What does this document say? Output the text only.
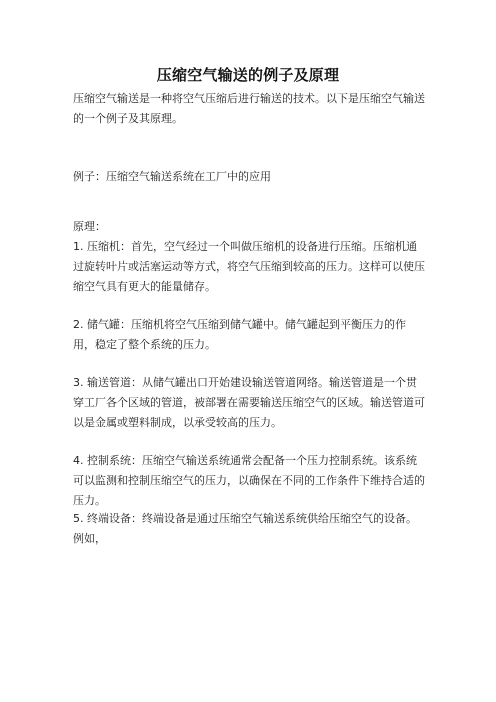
压缩空气输送的例子及原理

压缩空气输送是一种将空气压缩后进行输送的技术。以下是压缩空气输送的一个例子及其原理。

例子：压缩空气输送系统在工厂中的应用

原理：

1. 压缩机：首先，空气经过一个叫做压缩机的设备进行压缩。压缩机通过旋转叶片或活塞运动等方式，将空气压缩到较高的压力。这样可以使压缩空气具有更大的能量储存。

2. 储气罐：压缩机将空气压缩到储气罐中。储气罐起到平衡压力的作用，稳定了整个系统的压力。

3. 输送管道：从储气罐出口开始建设输送管道网络。输送管道是一个贯穿工厂各个区域的管道，被部署在需要输送压缩空气的区域。输送管道可以是金属或塑料制成，以承受较高的压力。

4. 控制系统：压缩空气输送系统通常会配备一个压力控制系统。该系统可以监测和控制压缩空气的压力，以确保在不同的工作条件下维持合适的压力。

5. 终端设备：终端设备是通过压缩空气输送系统供给压缩空气的设备。例如，
